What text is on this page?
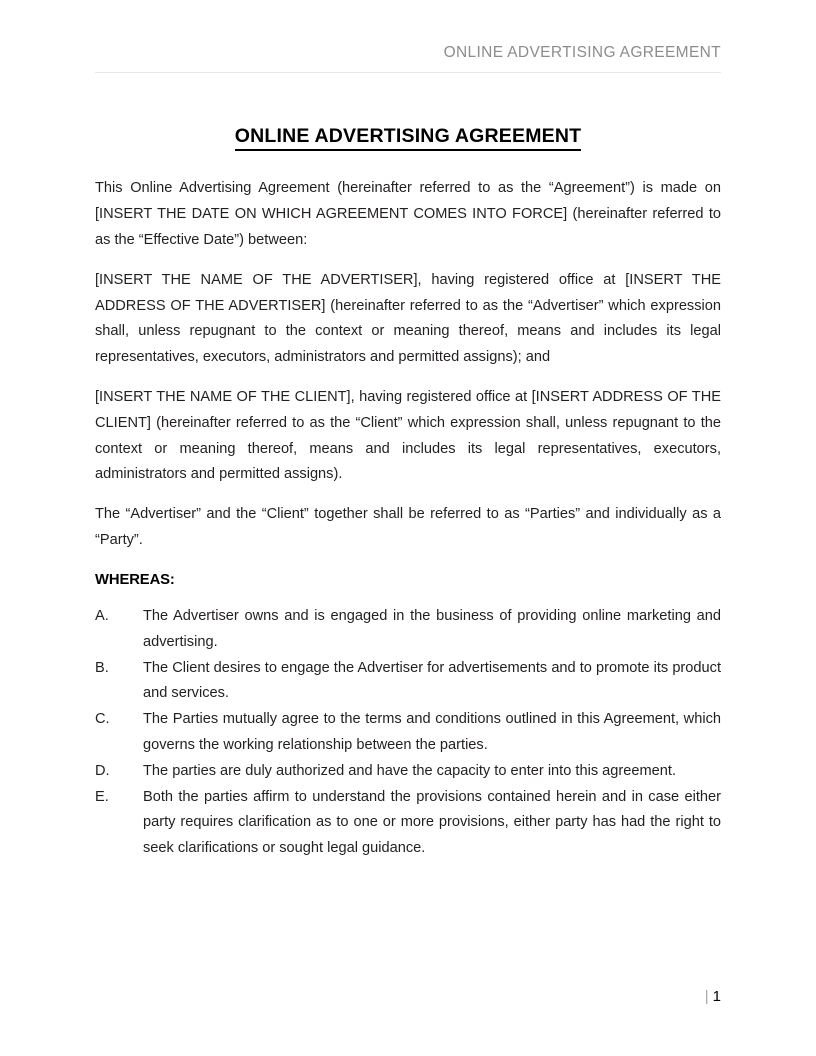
ONLINE ADVERTISING AGREEMENT
ONLINE ADVERTISING AGREEMENT

This Online Advertising Agreement (hereinafter referred to as the “Agreement”) is made on [INSERT THE DATE ON WHICH AGREEMENT COMES INTO FORCE] (hereinafter referred to as the “Effective Date”) between:

[INSERT THE NAME OF THE ADVERTISER], having registered office at [INSERT THE ADDRESS OF THE ADVERTISER] (hereinafter referred to as the “Advertiser” which expression shall, unless repugnant to the context or meaning thereof, means and includes its legal representatives, executors, administrators and permitted assigns); and

[INSERT THE NAME OF THE CLIENT], having registered office at [INSERT ADDRESS OF THE CLIENT] (hereinafter referred to as the “Client” which expression shall, unless repugnant to the context or meaning thereof, means and includes its legal representatives, executors, administrators and permitted assigns).

The “Advertiser” and the “Client” together shall be referred to as “Parties” and individually as a “Party”.

WHEREAS:

A.	The Advertiser owns and is engaged in the business of providing online marketing and advertising.
B.	The Client desires to engage the Advertiser for advertisements and to promote its product and services.
C.	The Parties mutually agree to the terms and conditions outlined in this Agreement, which governs the working relationship between the parties.
D.	The parties are duly authorized and have the capacity to enter into this agreement.
E.	Both the parties affirm to understand the provisions contained herein and in case either party requires clarification as to one or more provisions, either party has had the right to seek clarifications or sought legal guidance.
| 1
